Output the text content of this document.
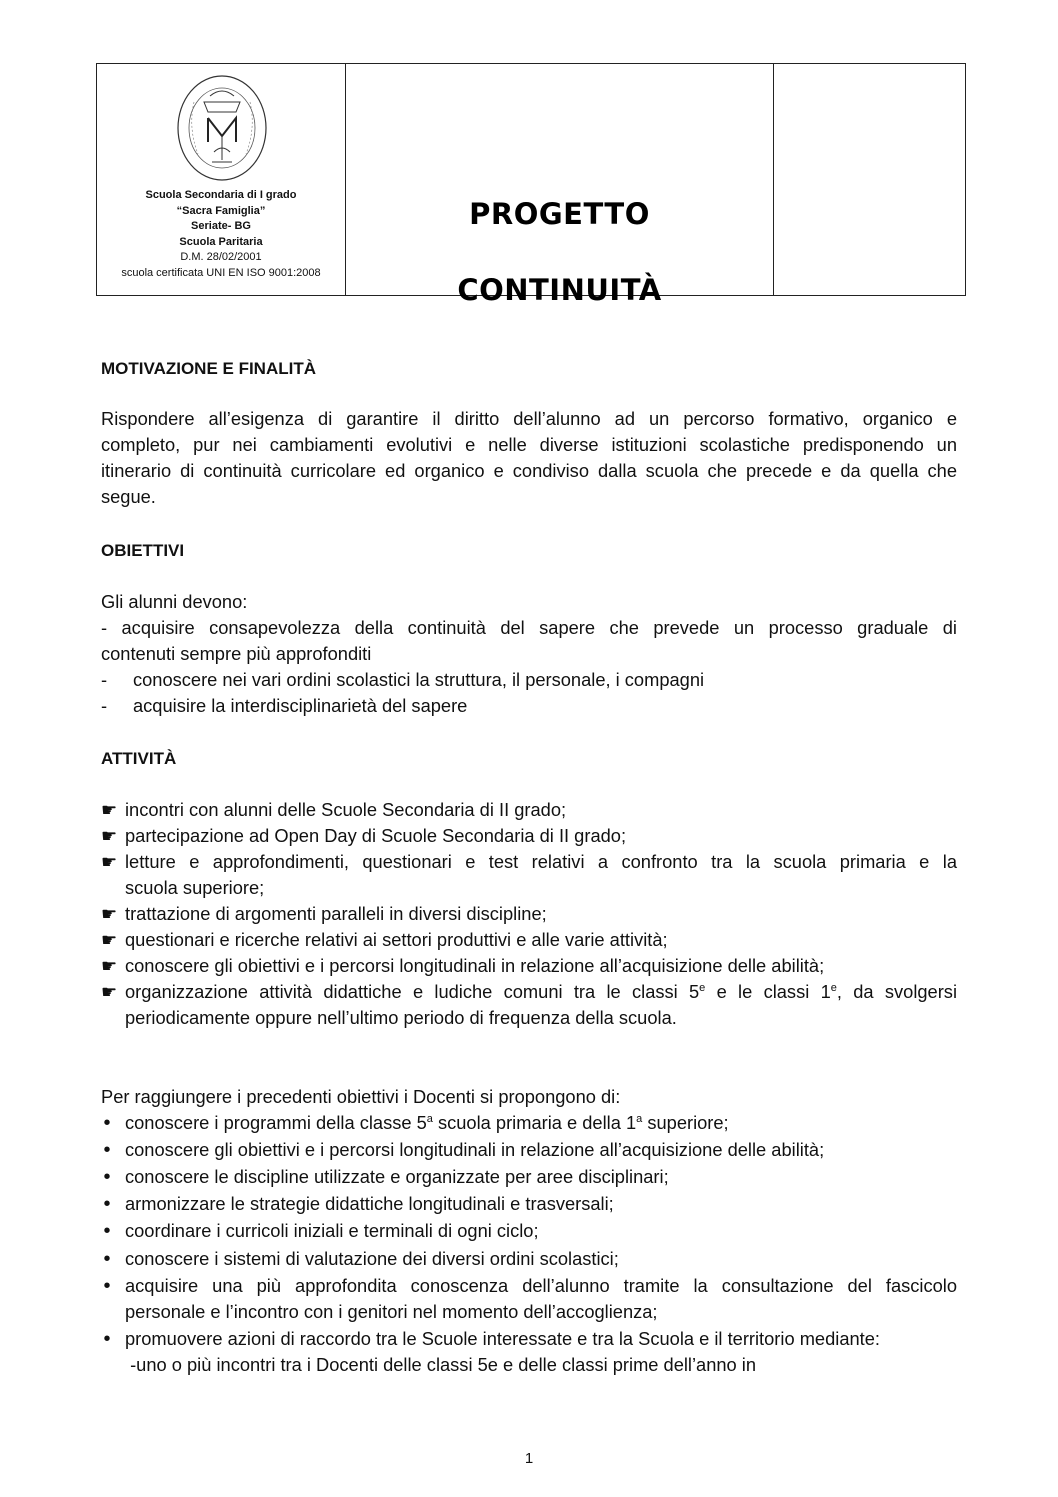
Scuola Secondaria di I grado
“Sacra Famiglia”
Seriate- BG
Scuola Paritaria
D.M. 28/02/2001
scuola certificata UNI EN ISO 9001:2008
PROGETTO
CONTINUITÀ
MOTIVAZIONE E FINALITÀ
Rispondere all’esigenza di garantire il diritto dell’alunno ad un percorso formativo, organico e
completo, pur nei cambiamenti evolutivi e nelle diverse istituzioni scolastiche predisponendo un
itinerario di continuità curricolare ed organico e condiviso dalla scuola che precede e da quella che
segue.
OBIETTIVI
Gli alunni devono:
- acquisire consapevolezza della continuità del sapere che prevede un processo graduale di
contenuti sempre più approfonditi
- conoscere nei vari ordini scolastici la struttura, il personale, i compagni
- acquisire la interdisciplinarietà del sapere
ATTIVITÀ
☛ incontri con alunni delle Scuole Secondaria di II grado;
☛ partecipazione ad Open Day di Scuole Secondaria di II grado;
☛ letture e approfondimenti, questionari e test relativi a confronto tra la scuola primaria e la
scuola superiore;
☛ trattazione di argomenti paralleli in diversi discipline;
☛ questionari e ricerche relativi ai settori produttivi e alle varie attività;
☛ conoscere gli obiettivi e i percorsi longitudinali in relazione all’acquisizione delle abilità;
☛ organizzazione attività didattiche e ludiche comuni tra le classi 5e e le classi 1e, da svolgersi
periodicamente oppure nell’ultimo periodo di frequenza della scuola.
Per raggiungere i precedenti obiettivi i Docenti si propongono di:
• conoscere i programmi della classe 5$^a$ scuola primaria e della 1$^a$ superiore;
• conoscere gli obiettivi e i percorsi longitudinali in relazione all’acquisizione delle abilità;
• conoscere le discipline utilizzate e organizzate per aree disciplinari;
• armonizzare le strategie didattiche longitudinali e trasversali;
• coordinare i curricoli iniziali e terminali di ogni ciclo;
• conoscere i sistemi di valutazione dei diversi ordini scolastici;
• acquisire una più approfondita conoscenza dell’alunno tramite la consultazione del fascicolo
personale e l’incontro con i genitori nel momento dell’accoglienza;
• promuovere azioni di raccordo tra le Scuole interessate e tra la Scuola e il territorio mediante:
-uno o più incontri tra i Docenti delle classi 5e e delle classi prime dell’anno in
1
